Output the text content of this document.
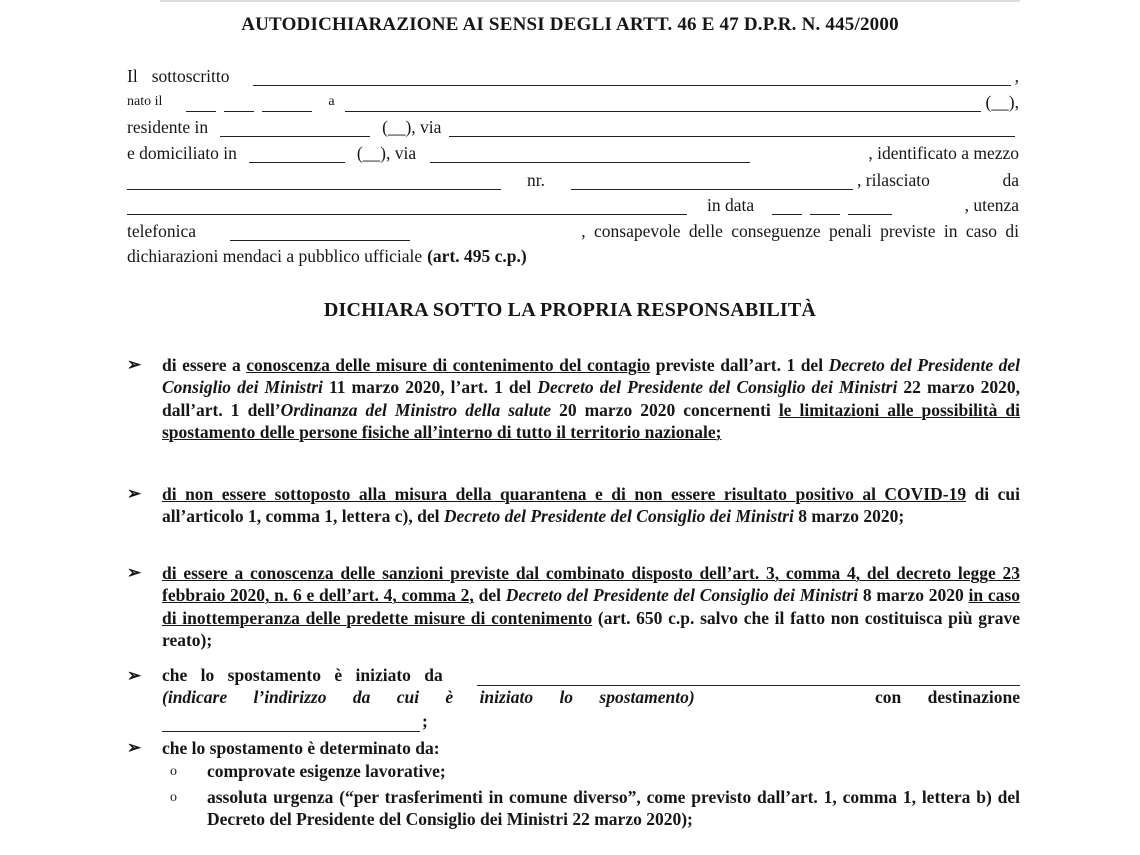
AUTODICHIARAZIONE AI SENSI DEGLI ARTT. 46 E 47 D.P.R. N. 445/2000
Il sottoscritto	,
nato il	a	(__),
residente in	(__), via
e domiciliato in	(__), via	, identificato a mezzo
nr.	, rilasciato	da
in data	, utenza
telefonica	, consapevole delle conseguenze penali previste in caso di
dichiarazioni mendaci a pubblico ufficiale (art. 495 c.p.)
DICHIARA SOTTO LA PROPRIA RESPONSABILITÀ
➢ di essere a conoscenza delle misure di contenimento del contagio previste dall’art. 1 del Decreto del Presidente del Consiglio dei Ministri 11 marzo 2020, l’art. 1 del Decreto del Presidente del Consiglio dei Ministri 22 marzo 2020, dall’art. 1 dell’Ordinanza del Ministro della salute 20 marzo 2020 concernenti le limitazioni alle possibilità di spostamento delle persone fisiche all’interno di tutto il territorio nazionale;
➢ di non essere sottoposto alla misura della quarantena e di non essere risultato positivo al COVID-19 di cui all’articolo 1, comma 1, lettera c), del Decreto del Presidente del Consiglio dei Ministri 8 marzo 2020;
➢ di essere a conoscenza delle sanzioni previste dal combinato disposto dell’art. 3, comma 4, del decreto legge 23 febbraio 2020, n. 6 e dell’art. 4, comma 2, del Decreto del Presidente del Consiglio dei Ministri 8 marzo 2020 in caso di inottemperanza delle predette misure di contenimento (art. 650 c.p. salvo che il fatto non costituisca più grave reato);
➢ che lo spostamento è iniziato da
(indicare l’indirizzo da cui è iniziato lo spostamento)	con destinazione
;
➢ che lo spostamento è determinato da:
o comprovate esigenze lavorative;
o assoluta urgenza (“per trasferimenti in comune diverso”, come previsto dall’art. 1, comma 1, lettera b) del Decreto del Presidente del Consiglio dei Ministri 22 marzo 2020);
